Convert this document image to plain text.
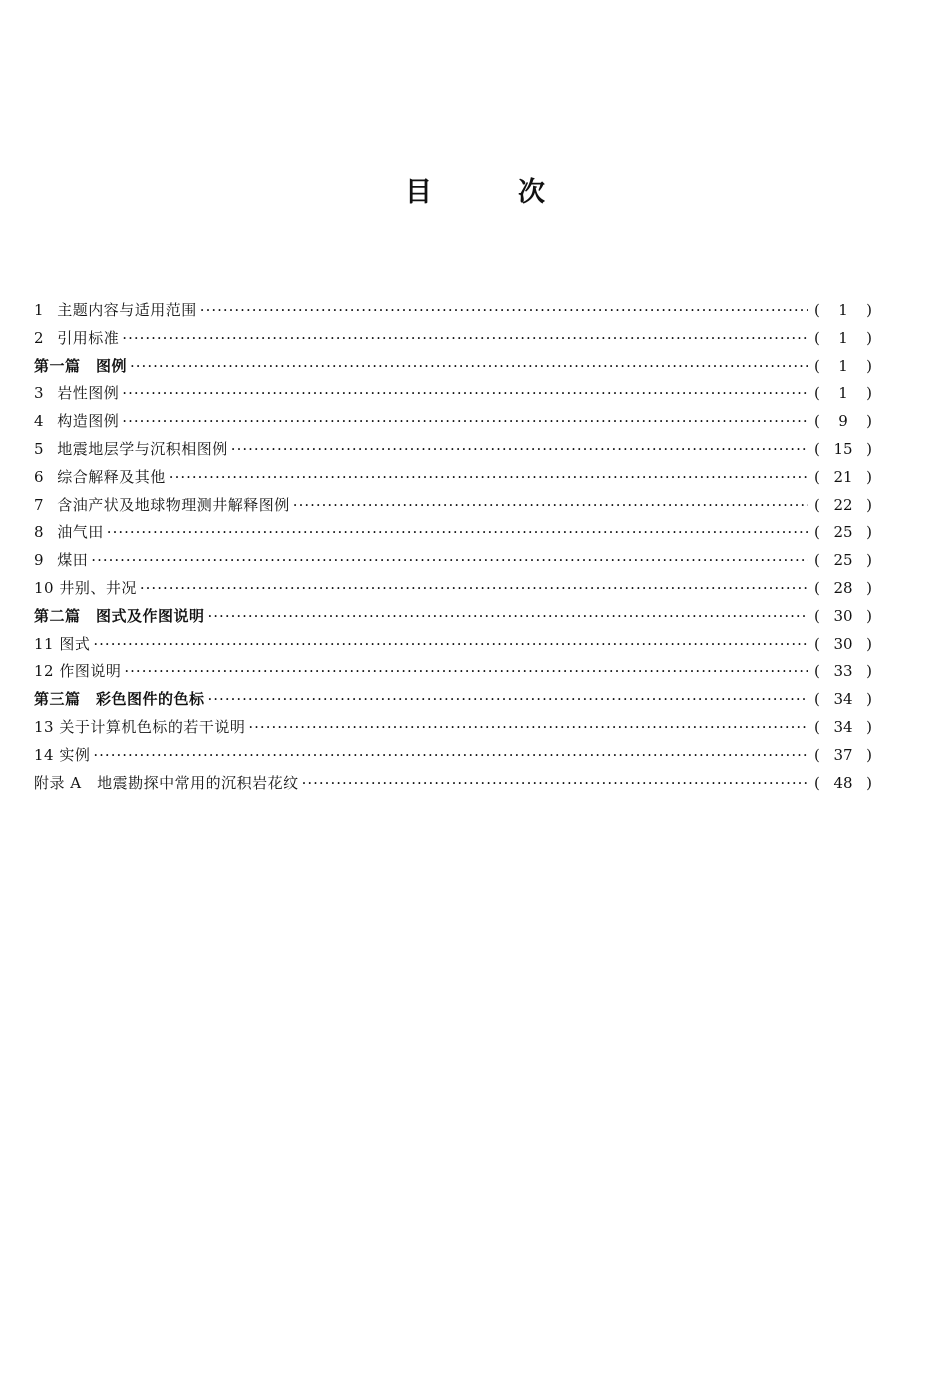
目	次
1 主题内容与适用范围 ·····	(	1	)
2 引用标准 ·····	(	1	)
第一篇　图例 ·····	(	1	)
3 岩性图例 ·····	(	1	)
4 构造图例 ·····	(	9	)
5 地震地层学与沉积相图例 ·····	( 15 )
6 综合解释及其他 ·····	( 21 )
7 含油产状及地球物理测井解释图例 ·····	( 22 )
8 油气田 ·····	( 25 )
9 煤田 ·····	( 25 )
10 井别、井况 ·····	( 28 )
第二篇　图式及作图说明 ·····	( 30 )
11 图式 ·····	( 30 )
12 作图说明 ·····	( 33 )
第三篇　彩色图件的色标 ·····	( 34 )
13 关于计算机色标的若干说明 ·····	( 34 )
14 实例 ·····	( 37 )
附录 A　地震勘探中常用的沉积岩花纹 ·····	( 48 )
